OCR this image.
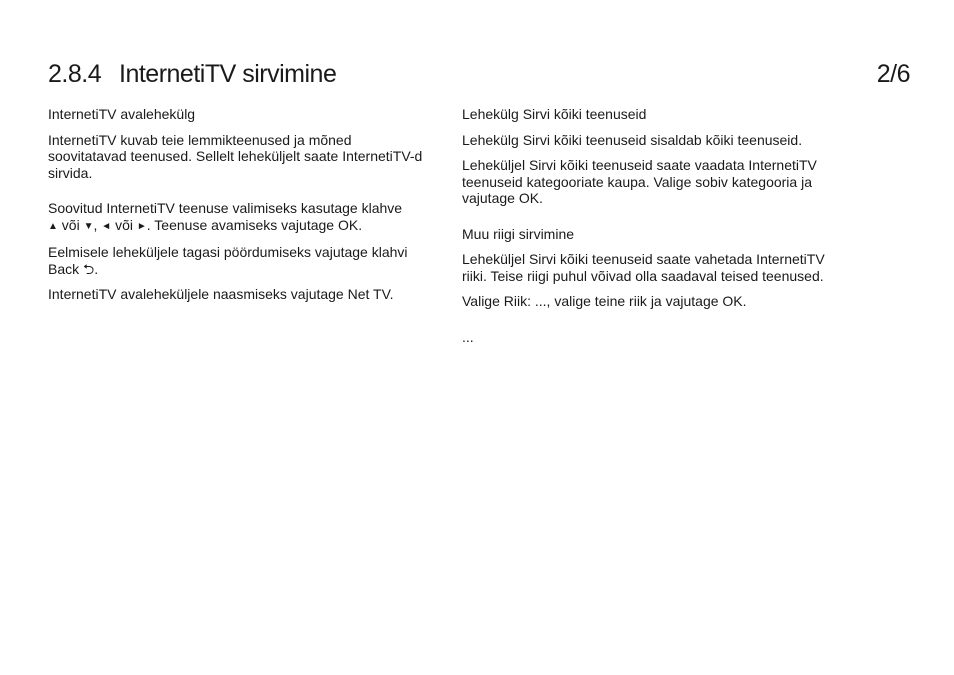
2.8.4 InternetiTV sirvimine	2/6

InternetiTV avalehekülg

InternetiTV kuvab teie lemmikteenused ja mõned soovitatavad teenused. Sellelt leheküljelt saate InternetiTV-d sirvida.

Soovitud InternetiTV teenuse valimiseks kasutage klahve
▲ või ▼, ◄ või ►. Teenuse avamiseks vajutage OK.

Eelmisele leheküljele tagasi pöördumiseks vajutage klahvi Back ⮌.

InternetiTV avaleheküljele naasmiseks vajutage Net TV.

Lehekülg Sirvi kõiki teenuseid

Lehekülg Sirvi kõiki teenuseid sisaldab kõiki teenuseid.

Leheküljel Sirvi kõiki teenuseid saate vaadata InternetiTV teenuseid kategooriate kaupa. Valige sobiv kategooria ja vajutage OK.

Muu riigi sirvimine

Leheküljel Sirvi kõiki teenuseid saate vahetada InternetiTV riiki. Teise riigi puhul võivad olla saadaval teised teenused.

Valige Riik: ..., valige teine riik ja vajutage OK.

...
